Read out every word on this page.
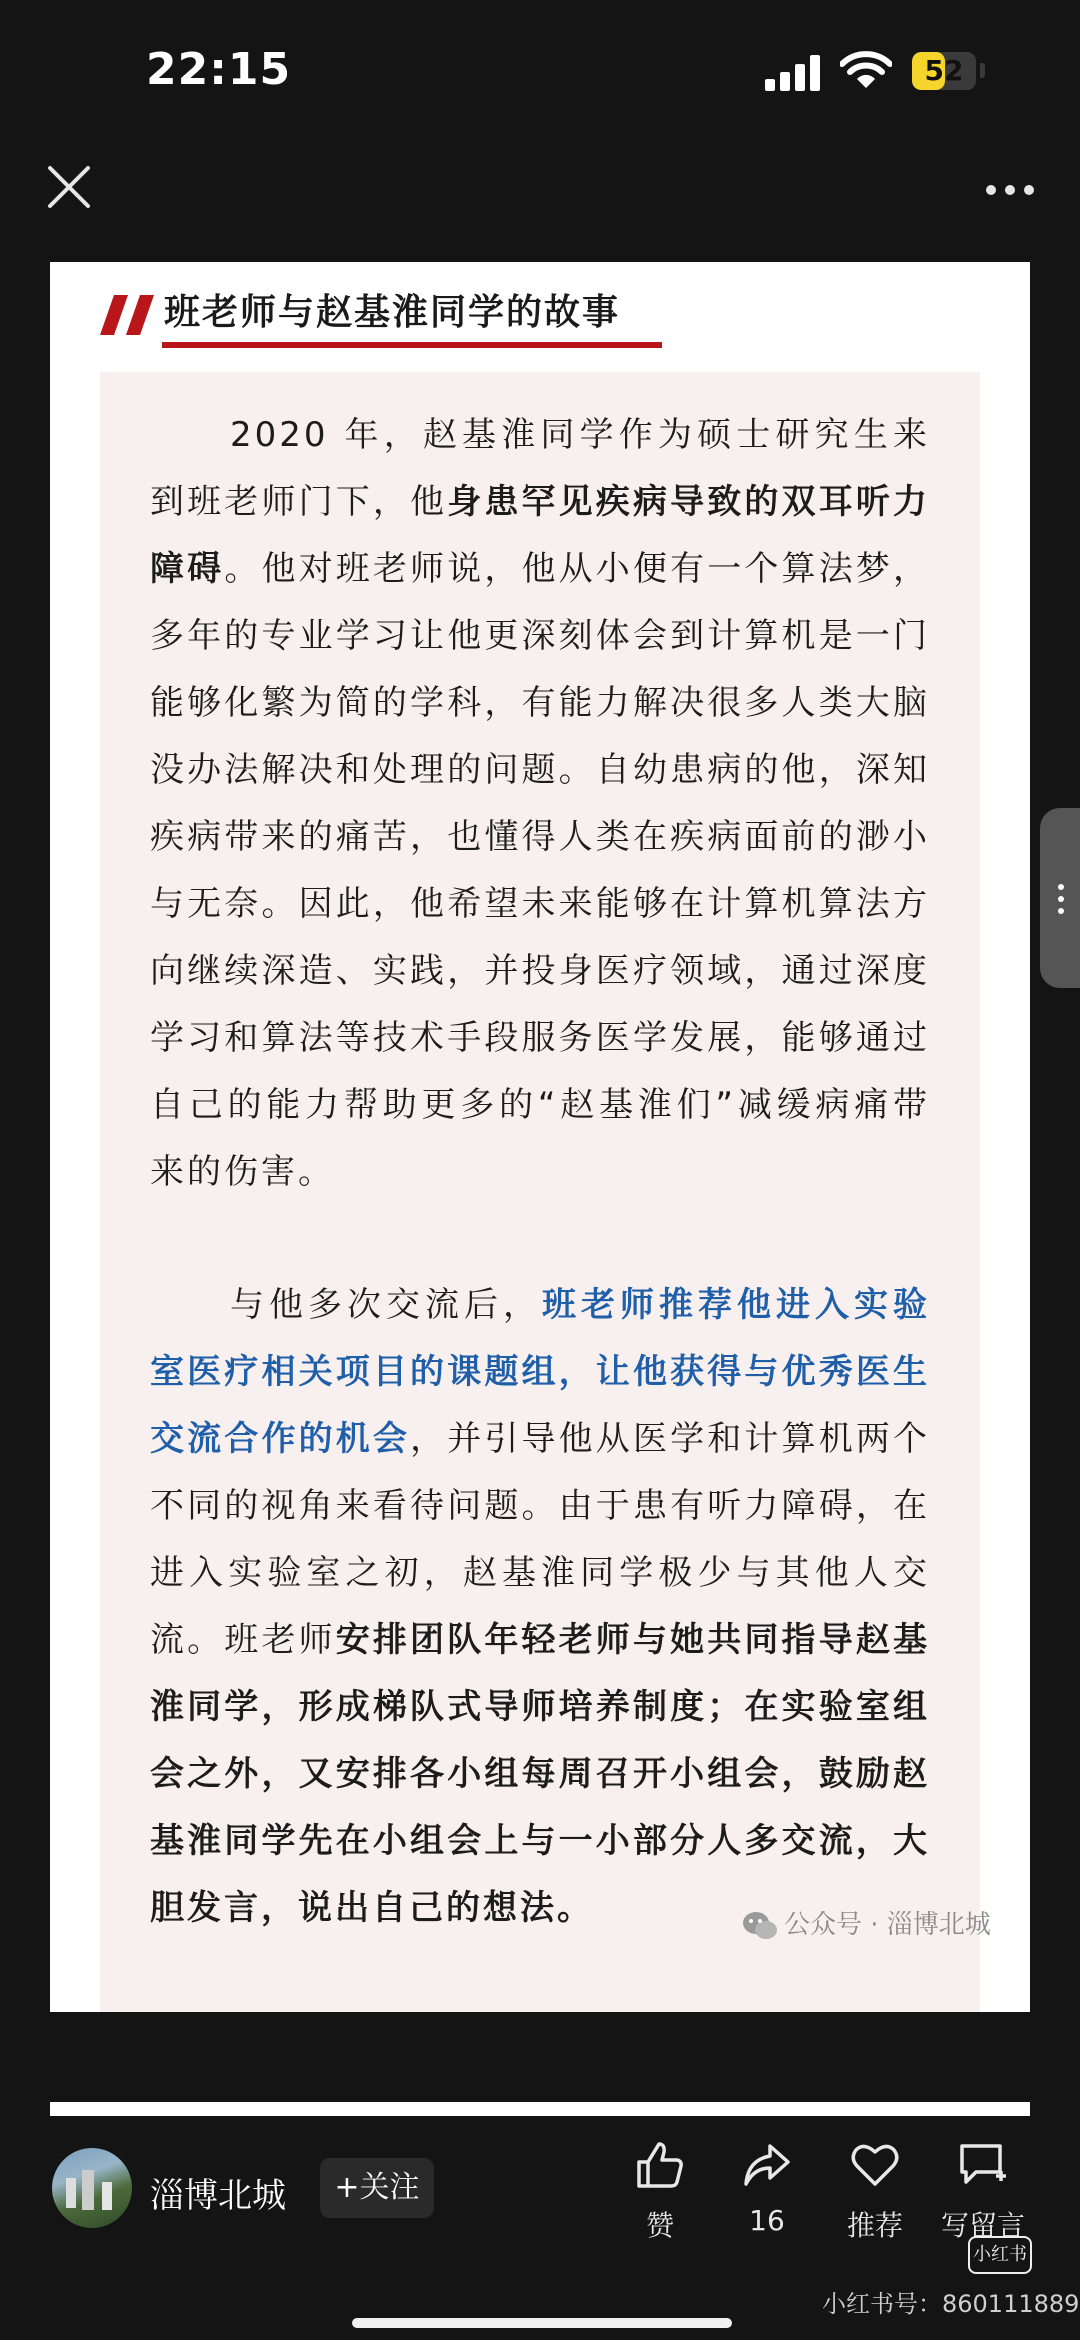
22:15	52
班老师与赵基淮同学的故事
2020 年，赵基淮同学作为硕士研究生来到班老师门下，他身患罕见疾病导致的双耳听力障碍。他对班老师说，他从小便有一个算法梦，多年的专业学习让他更深刻体会到计算机是一门能够化繁为简的学科，有能力解决很多人类大脑没办法解决和处理的问题。自幼患病的他，深知疾病带来的痛苦，也懂得人类在疾病面前的渺小与无奈。因此，他希望未来能够在计算机算法方向继续深造、实践，并投身医疗领域，通过深度学习和算法等技术手段服务医学发展，能够通过自己的能力帮助更多的“赵基淮们”减缓病痛带来的伤害。
与他多次交流后，班老师推荐他进入实验室医疗相关项目的课题组，让他获得与优秀医生交流合作的机会，并引导他从医学和计算机两个不同的视角来看待问题。由于患有听力障碍，在进入实验室之初，赵基淮同学极少与其他人交流。班老师安排团队年轻老师与她共同指导赵基淮同学，形成梯队式导师培养制度；在实验室组会之外，又安排各小组每周召开小组会，鼓励赵基淮同学先在小组会上与一小部分人多交流，大胆发言，说出自己的想法。	公众号 · 淄博北城
淄博北城	+关注
赞	16	推荐	写留言
小红书
小红书号：860111889
